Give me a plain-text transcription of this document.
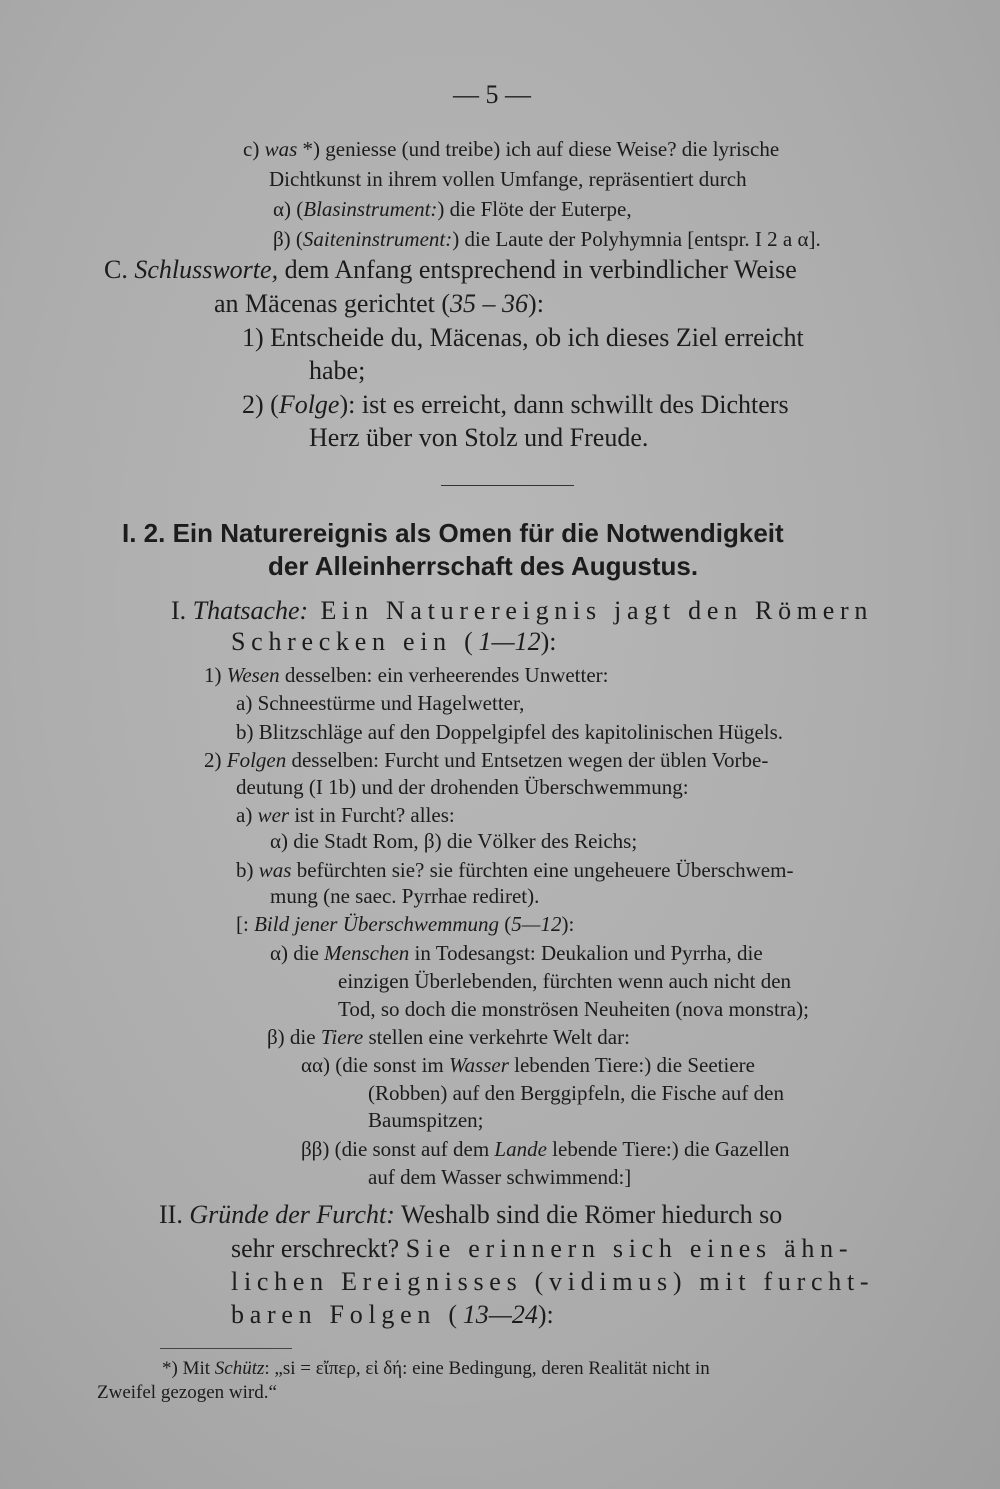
— 5 —
c) was *) geniesse (und treibe) ich auf diese Weise? die lyrische
Dichtkunst in ihrem vollen Umfange, repräsentiert durch
α) (Blasinstrument:) die Flöte der Euterpe,
β) (Saiteninstrument:) die Laute der Polyhymnia [entspr. I 2 a α].
C. Schlussworte, dem Anfang entsprechend in verbindlicher Weise
an Mäcenas gerichtet (35 – 36):
1) Entscheide du, Mäcenas, ob ich dieses Ziel erreicht
habe;
2) (Folge): ist es erreicht, dann schwillt des Dichters
Herz über von Stolz und Freude.
I. 2. Ein Naturereignis als Omen für die Notwendigkeit
der Alleinherrschaft des Augustus.
I. Thatsache: Ein Naturereignis jagt den Römern
Schrecken ein (1—12):
1) Wesen desselben: ein verheerendes Unwetter:
a) Schneestürme und Hagelwetter,
b) Blitzschläge auf den Doppelgipfel des kapitolinischen Hügels.
2) Folgen desselben: Furcht und Entsetzen wegen der üblen Vorbe-
deutung (I 1b) und der drohenden Überschwemmung:
a) wer ist in Furcht? alles:
α) die Stadt Rom, β) die Völker des Reichs;
b) was befürchten sie? sie fürchten eine ungeheuere Überschwem-
mung (ne saec. Pyrrhae rediret).
[: Bild jener Überschwemmung (5—12):
α) die Menschen in Todesangst: Deukalion und Pyrrha, die
einzigen Überlebenden, fürchten wenn auch nicht den
Tod, so doch die monströsen Neuheiten (nova monstra);
β) die Tiere stellen eine verkehrte Welt dar:
αα) (die sonst im Wasser lebenden Tiere:) die Seetiere
(Robben) auf den Berggipfeln, die Fische auf den
Baumspitzen;
ββ) (die sonst auf dem Lande lebende Tiere:) die Gazellen
auf dem Wasser schwimmend:]
II. Gründe der Furcht: Weshalb sind die Römer hiedurch so
sehr erschreckt? Sie erinnern sich eines ähn-
lichen Ereignisses (vidimus) mit furcht-
baren Folgen (13—24):
*) Mit Schütz: „si = εἴπερ, εἰ δή: eine Bedingung, deren Realität nicht in
Zweifel gezogen wird.“
